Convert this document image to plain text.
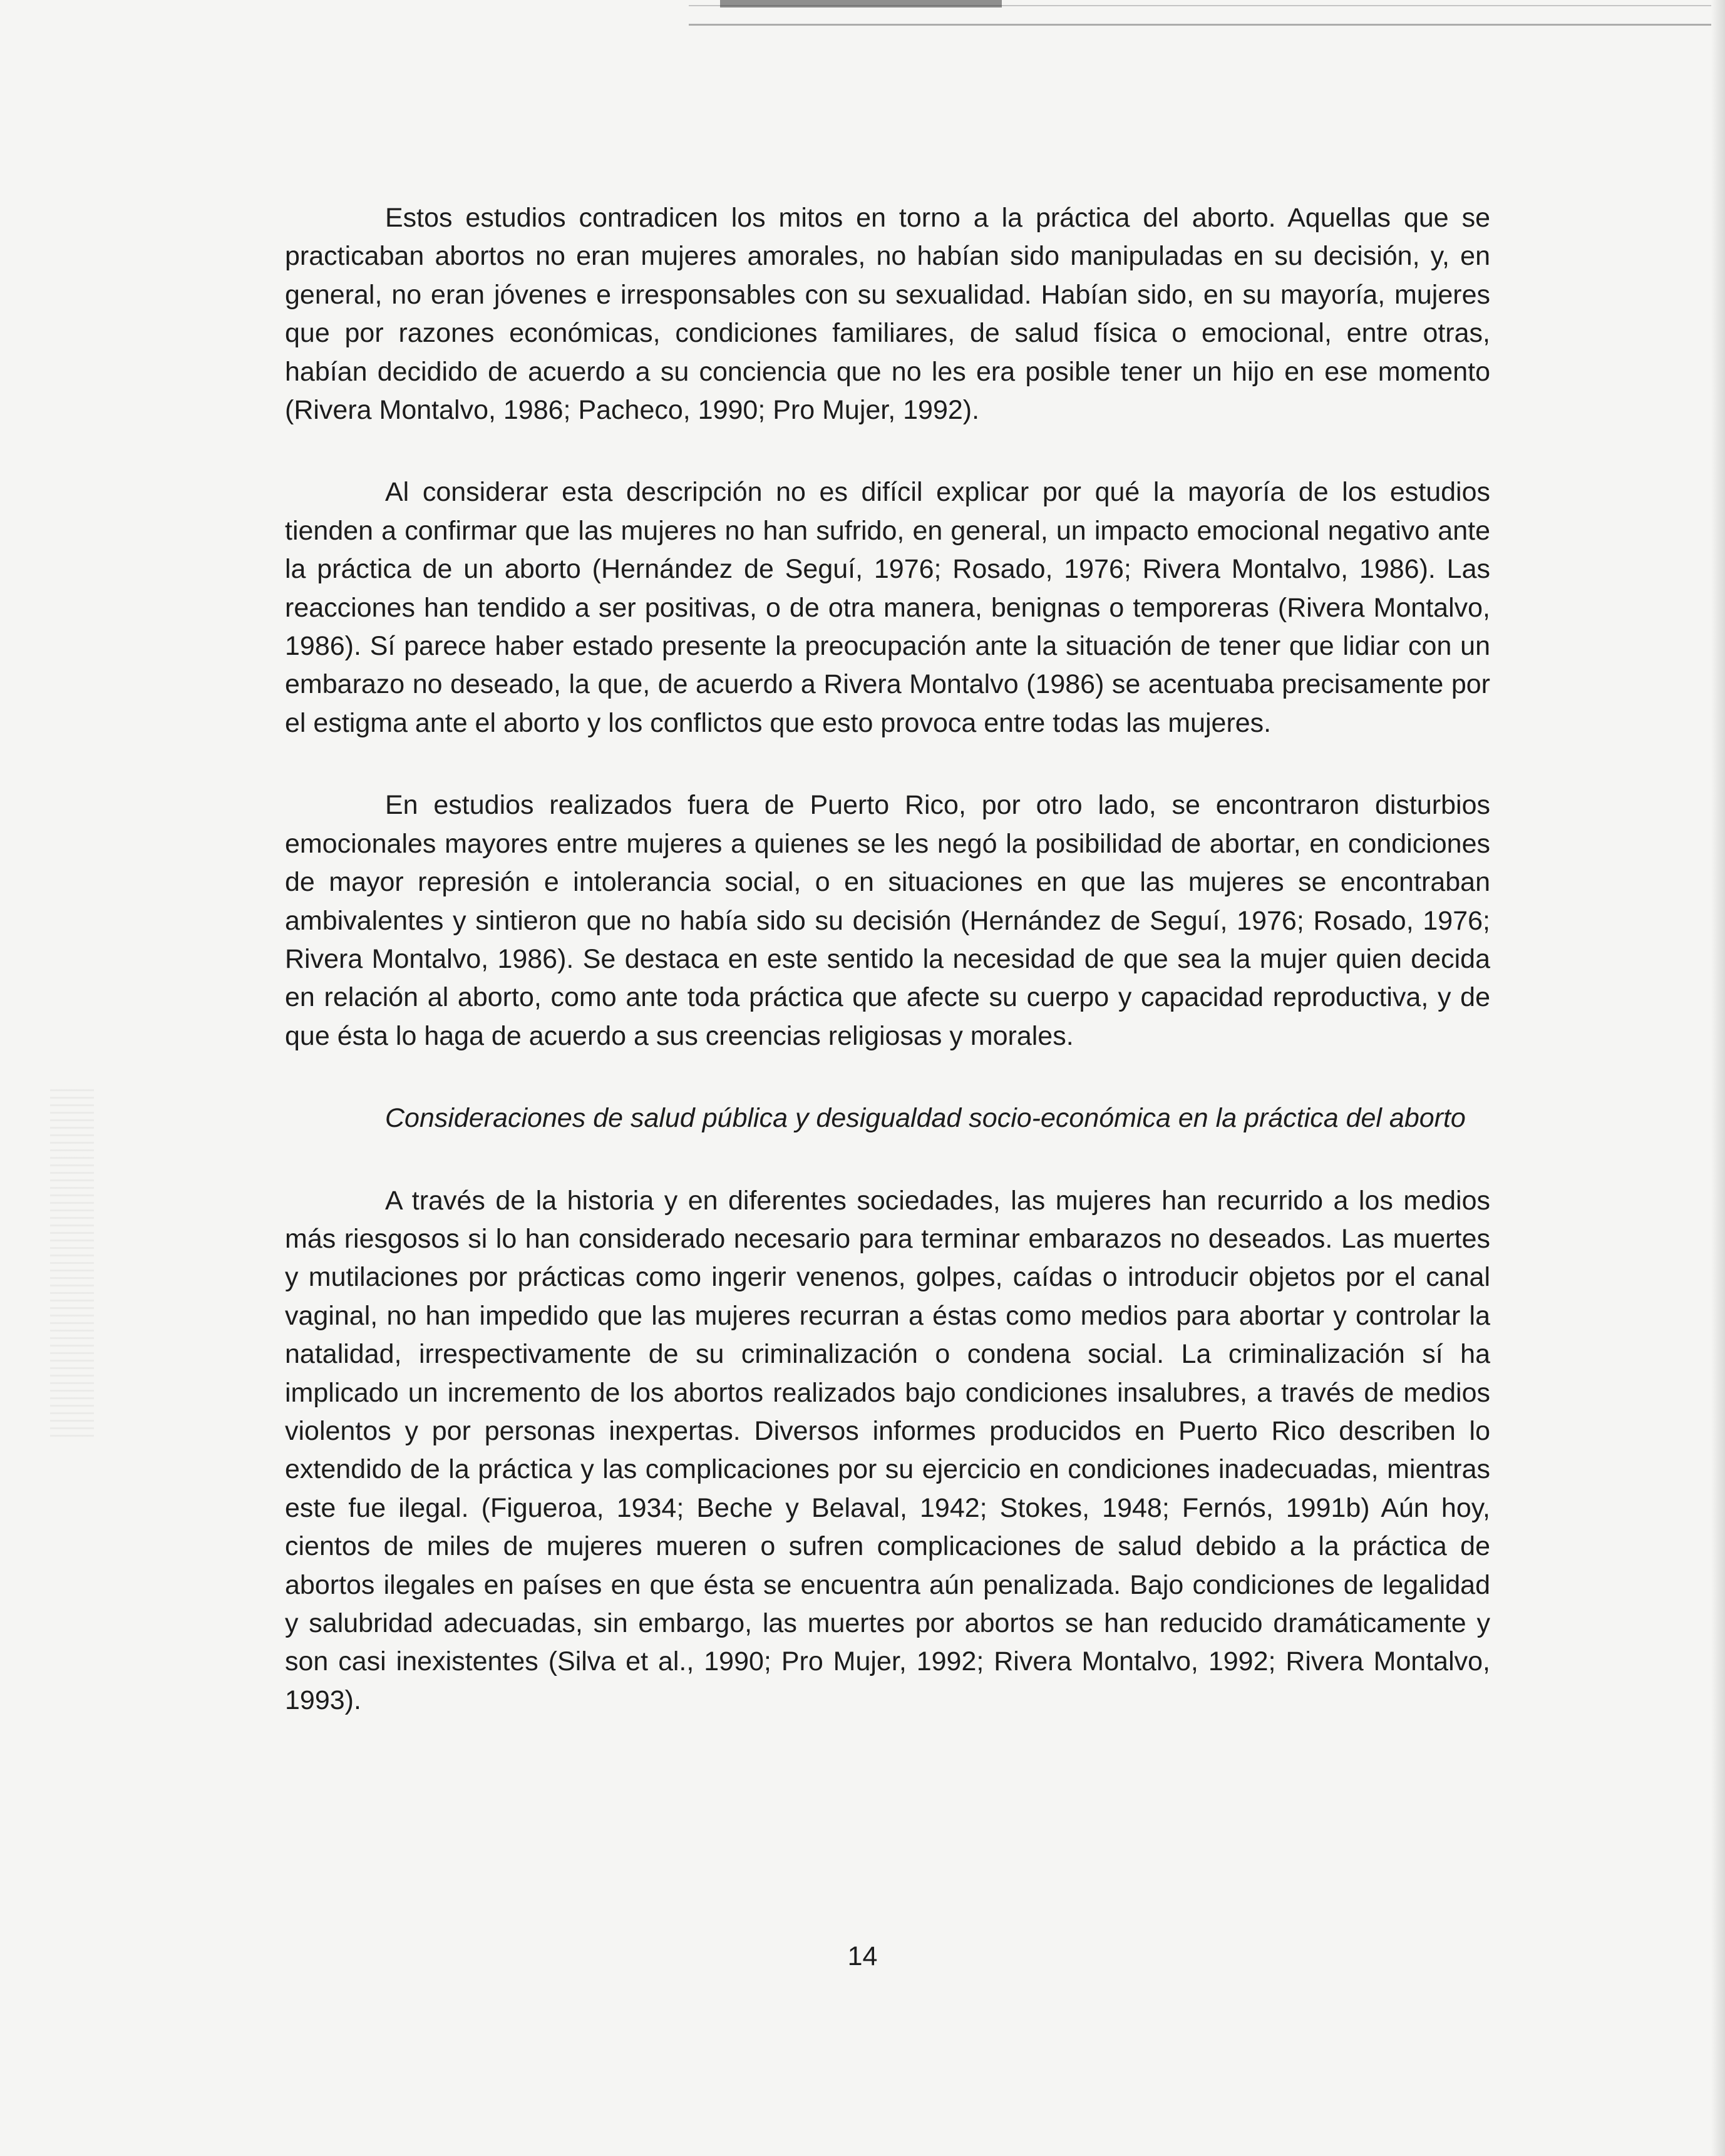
Estos estudios contradicen los mitos en torno a la práctica del aborto. Aquellas que se practicaban abortos no eran mujeres amorales, no habían sido manipuladas en su decisión, y, en general, no eran jóvenes e irresponsables con su sexualidad. Habían sido, en su mayoría, mujeres que por razones económicas, condiciones familiares, de salud física o emocional, entre otras, habían decidido de acuerdo a su conciencia que no les era posible tener un hijo en ese momento (Rivera Montalvo, 1986; Pacheco, 1990; Pro Mujer, 1992).

Al considerar esta descripción no es difícil explicar por qué la mayoría de los estudios tienden a confirmar que las mujeres no han sufrido, en general, un impacto emocional negativo ante la práctica de un aborto (Hernández de Seguí, 1976; Rosado, 1976; Rivera Montalvo, 1986). Las reacciones han tendido a ser positivas, o de otra manera, benignas o temporeras (Rivera Montalvo, 1986). Sí parece haber estado presente la preocupación ante la situación de tener que lidiar con un embarazo no deseado, la que, de acuerdo a Rivera Montalvo (1986) se acentuaba precisamente por el estigma ante el aborto y los conflictos que esto provoca entre todas las mujeres.

En estudios realizados fuera de Puerto Rico, por otro lado, se encontraron disturbios emocionales mayores entre mujeres a quienes se les negó la posibilidad de abortar, en condiciones de mayor represión e intolerancia social, o en situaciones en que las mujeres se encontraban ambivalentes y sintieron que no había sido su decisión (Hernández de Seguí, 1976; Rosado, 1976; Rivera Montalvo, 1986). Se destaca en este sentido la necesidad de que sea la mujer quien decida en relación al aborto, como ante toda práctica que afecte su cuerpo y capacidad reproductiva, y de que ésta lo haga de acuerdo a sus creencias religiosas y morales.

Consideraciones de salud pública y desigualdad socio-económica en la práctica del aborto

A través de la historia y en diferentes sociedades, las mujeres han recurrido a los medios más riesgosos si lo han considerado necesario para terminar embarazos no deseados. Las muertes y mutilaciones por prácticas como ingerir venenos, golpes, caídas o introducir objetos por el canal vaginal, no han impedido que las mujeres recurran a éstas como medios para abortar y controlar la natalidad, irrespectivamente de su criminalización o condena social. La criminalización sí ha implicado un incremento de los abortos realizados bajo condiciones insalubres, a través de medios violentos y por personas inexpertas. Diversos informes producidos en Puerto Rico describen lo extendido de la práctica y las complicaciones por su ejercicio en condiciones inadecuadas, mientras este fue ilegal. (Figueroa, 1934; Beche y Belaval, 1942; Stokes, 1948; Fernós, 1991b) Aún hoy, cientos de miles de mujeres mueren o sufren complicaciones de salud debido a la práctica de abortos ilegales en países en que ésta se encuentra aún penalizada. Bajo condiciones de legalidad y salubridad adecuadas, sin embargo, las muertes por abortos se han reducido dramáticamente y son casi inexistentes (Silva et al., 1990; Pro Mujer, 1992; Rivera Montalvo, 1992; Rivera Montalvo, 1993).

14
